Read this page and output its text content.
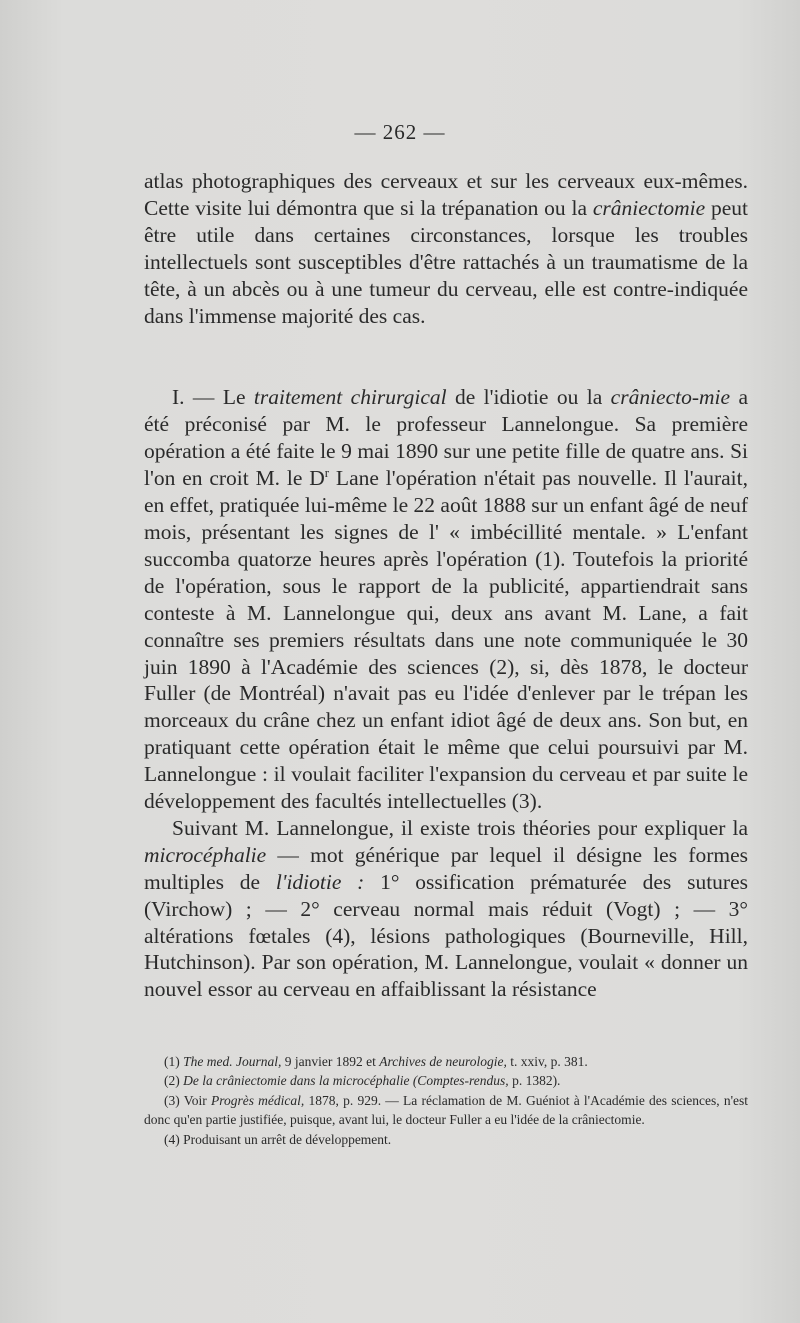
— 262 —

atlas photographiques des cerveaux et sur les cerveaux eux-mêmes. Cette visite lui démontra que si la trépanation ou la crâniectomie peut être utile dans certaines circonstances, lorsque les troubles intellectuels sont susceptibles d'être rattachés à un traumatisme de la tête, à un abcès ou à une tumeur du cerveau, elle est contre-indiquée dans l'immense majorité des cas.

I. — Le traitement chirurgical de l'idiotie ou la crâniecto-mie a été préconisé par M. le professeur Lannelongue. Sa première opération a été faite le 9 mai 1890 sur une petite fille de quatre ans. Si l'on en croit M. le $D^r$ Lane l'opération n'était pas nouvelle. Il l'aurait, en effet, pratiquée lui-même le 22 août 1888 sur un enfant âgé de neuf mois, présentant les signes de l' « imbécillité mentale. » L'enfant succomba quatorze heures après l'opération (1). Toutefois la priorité de l'opération, sous le rapport de la publicité, appartiendrait sans conteste à M. Lannelongue qui, deux ans avant M. Lane, a fait connaître ses premiers résultats dans une note communiquée le 30 juin 1890 à l'Académie des sciences (2), si, dès 1878, le docteur Fuller (de Montréal) n'avait pas eu l'idée d'enlever par le trépan les morceaux du crâne chez un enfant idiot âgé de deux ans. Son but, en pratiquant cette opération était le même que celui poursuivi par M. Lannelongue : il voulait faciliter l'expansion du cerveau et par suite le développement des facultés intellectuelles (3).

Suivant M. Lannelongue, il existe trois théories pour expliquer la microcéphalie — mot générique par lequel il désigne les formes multiples de l'idiotie : 1° ossification prématurée des sutures (Virchow) ; — 2° cerveau normal mais réduit (Vogt) ; — 3° altérations fœtales (4), lésions pathologiques (Bourneville, Hill, Hutchinson). Par son opération, M. Lannelongue, voulait « donner un nouvel essor au cerveau en affaiblissant la résistance

(1) The med. Journal, 9 janvier 1892 et Archives de neurologie, t. xxiv, p. 381.

(2) De la crâniectomie dans la microcéphalie (Comptes-rendus, p. 1382).

(3) Voir Progrès médical, 1878, p. 929. — La réclamation de M. Guéniot à l'Académie des sciences, n'est donc qu'en partie justifiée, puisque, avant lui, le docteur Fuller a eu l'idée de la crâniectomie.

(4) Produisant un arrêt de développement.
